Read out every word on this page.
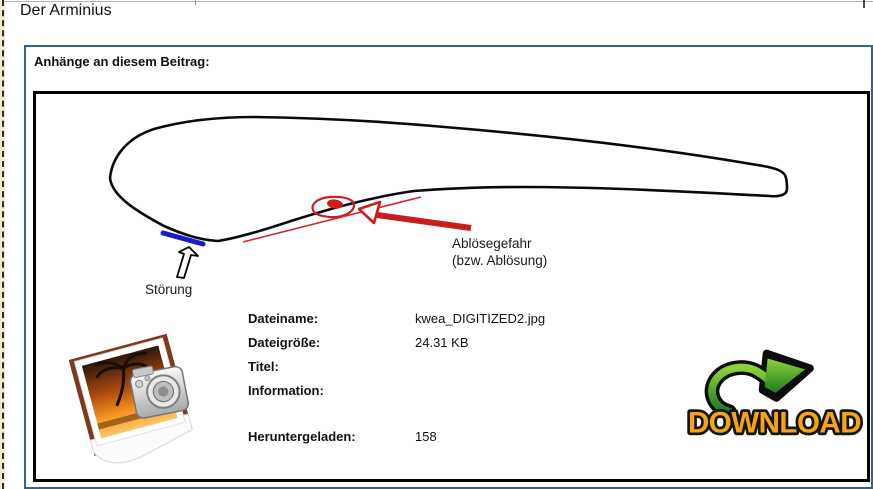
Der Arminius
Anhänge an diesem Beitrag:
Störung
Ablösegefahr
(bzw. Ablösung)
Dateiname:	kwea_DIGITIZED2.jpg
Dateigröße:	24.31 KB
Titel:
Information:
Heruntergeladen:	158	DOWNLOAD
